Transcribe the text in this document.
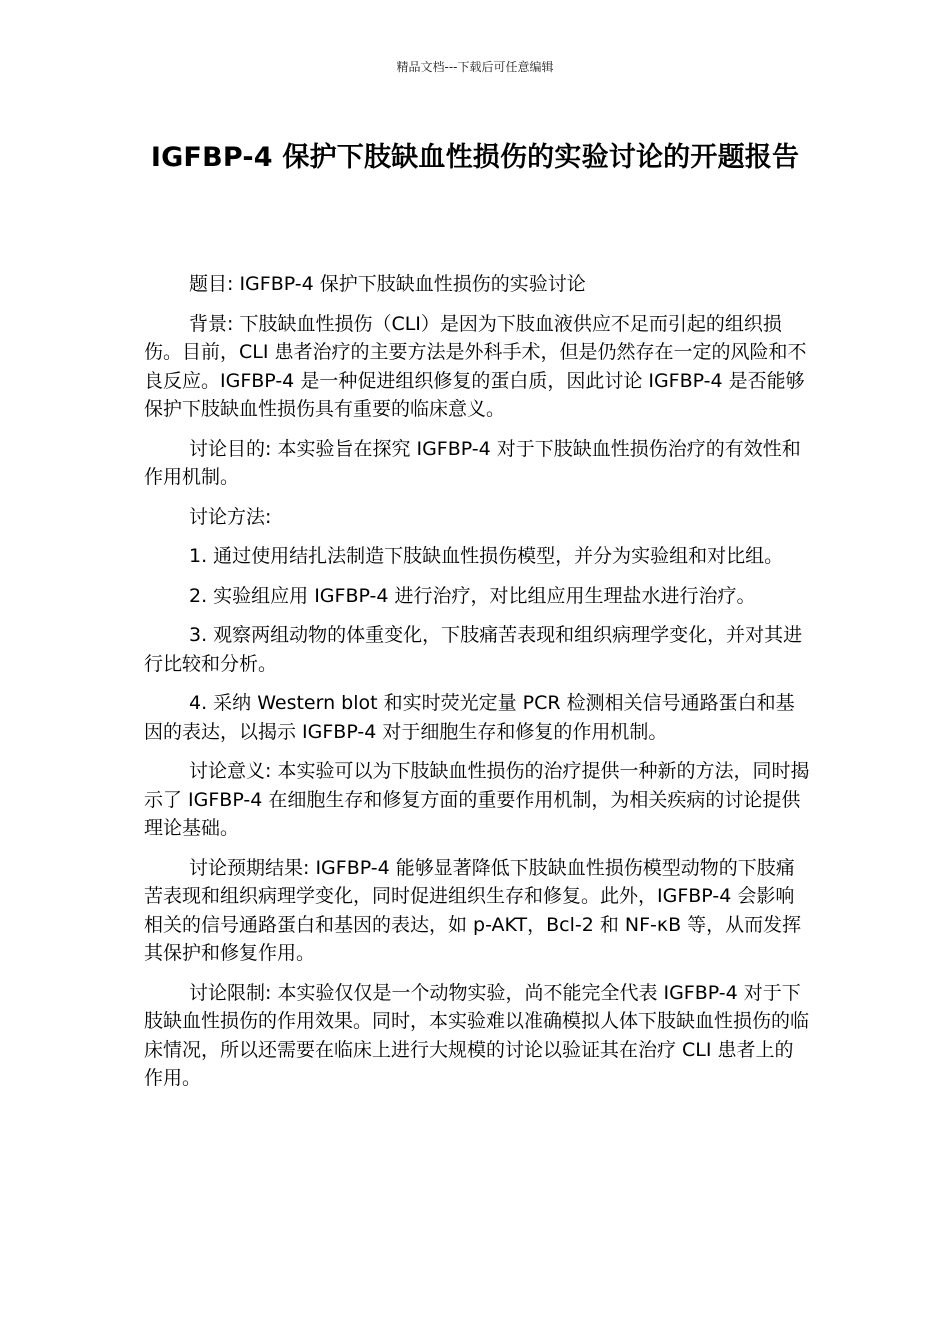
精品文档---下载后可任意编辑
IGFBP-4 保护下肢缺血性损伤的实验讨论的开题报告

题目: IGFBP-4 保护下肢缺血性损伤的实验讨论

背景: 下肢缺血性损伤（CLI）是因为下肢血液供应不足而引起的组织损伤。目前，CLI 患者治疗的主要方法是外科手术，但是仍然存在一定的风险和不良反应。IGFBP-4 是一种促进组织修复的蛋白质，因此讨论 IGFBP-4 是否能够保护下肢缺血性损伤具有重要的临床意义。

讨论目的: 本实验旨在探究 IGFBP-4 对于下肢缺血性损伤治疗的有效性和作用机制。

讨论方法:

1. 通过使用结扎法制造下肢缺血性损伤模型，并分为实验组和对比组。

2. 实验组应用 IGFBP-4 进行治疗，对比组应用生理盐水进行治疗。

3. 观察两组动物的体重变化，下肢痛苦表现和组织病理学变化，并对其进行比较和分析。

4. 采纳 Western blot 和实时荧光定量 PCR 检测相关信号通路蛋白和基因的表达，以揭示 IGFBP-4 对于细胞生存和修复的作用机制。

讨论意义: 本实验可以为下肢缺血性损伤的治疗提供一种新的方法，同时揭示了 IGFBP-4 在细胞生存和修复方面的重要作用机制，为相关疾病的讨论提供理论基础。

讨论预期结果: IGFBP-4 能够显著降低下肢缺血性损伤模型动物的下肢痛苦表现和组织病理学变化，同时促进组织生存和修复。此外，IGFBP-4 会影响相关的信号通路蛋白和基因的表达，如 p-AKT，Bcl-2 和 NF-κB 等，从而发挥其保护和修复作用。

讨论限制: 本实验仅仅是一个动物实验，尚不能完全代表 IGFBP-4 对于下肢缺血性损伤的作用效果。同时，本实验难以准确模拟人体下肢缺血性损伤的临床情况，所以还需要在临床上进行大规模的讨论以验证其在治疗 CLI 患者上的作用。
